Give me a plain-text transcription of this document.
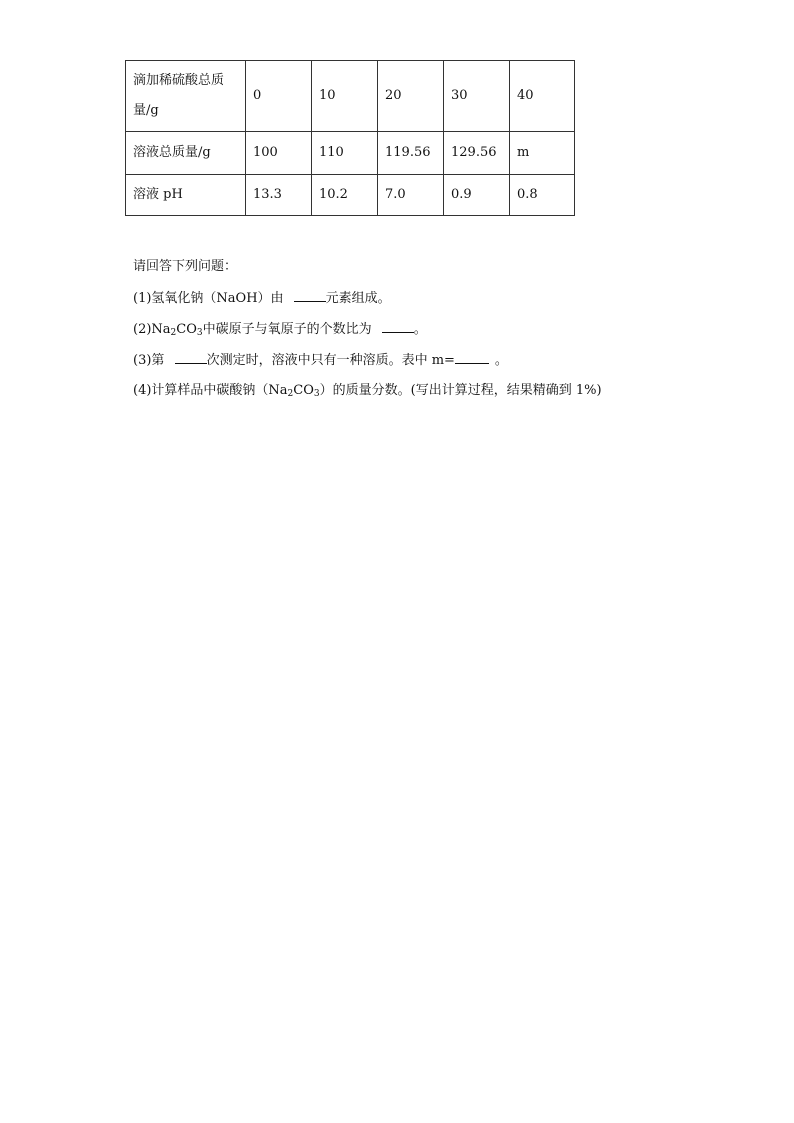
滴加稀硫酸总质量/g	0	10	20	30	40
溶液总质量/g	100	110	119.56	129.56	m
溶液 pH	13.3	10.2	7.0	0.9	0.8
请回答下列问题：
(1)氢氧化钠（NaOH）由	元素组成。
$(2)Na_2CO_3$中碳原子与氧原子的个数比为	。
(3)第	次测定时，溶液中只有一种溶质。表中 m=	。
(4)计算样品中碳酸钠$(Na_2CO_3)$的质量分数。(写出计算过程，结果精确到 1%)
